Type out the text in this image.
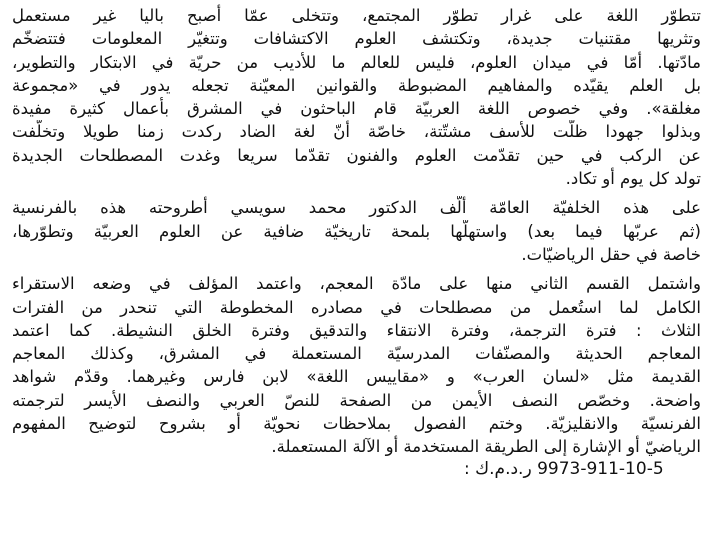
تتطوّر اللغة على غرار تطوّر المجتمع، وتتخلى عمّا أصبح باليا غير مستعمل
وتثريها مقتنيات جديدة، وتكتشف العلوم الاكتشافات وتتغيّر المعلومات فتتضخّم
مادّتها. أمّا في ميدان العلوم، فليس للعالم ما للأديب من حريّة في الابتكار والتطوير،
بل العلم يقيّده والمفاهيم المضبوطة والقوانين المعيّنة تجعله يدور في «مجموعة
مغلقة». وفي خصوص اللغة العربيّة قام الباحثون في المشرق بأعمال كثيرة مفيدة
وبذلوا جهودا ظلّت للأسف مشتّتة، خاصّة أنّ لغة الضاد ركدت زمنا طويلا وتخلّفت
عن الركب في حين تقدّمت العلوم والفنون تقدّما سريعا وغدت المصطلحات الجديدة
تولد كل يوم أو تكاد.
على هذه الخلفيّة العامّة ألّف الدكتور محمد سويسي أطروحته هذه بالفرنسية
(ثم عربّها فيما بعد) واستهلّها بلمحة تاريخيّة ضافية عن العلوم العربيّة وتطوّرها،
خاصة في حقل الرياضيّات.
واشتمل القسم الثاني منها على مادّة المعجم، واعتمد المؤلف في وضعه الاستقراء
الكامل لما استُعمل من مصطلحات في مصادره المخطوطة التي تنحدر من الفترات
الثلاث : فترة الترجمة، وفترة الانتقاء والتدقيق وفترة الخلق النشيطة. كما اعتمد
المعاجم الحديثة والمصنّفات المدرسيّة المستعملة في المشرق، وكذلك المعاجم
القديمة مثل «لسان العرب» و «مقاييس اللغة» لابن فارس وغيرهما. وقدّم شواهد
واضحة. وخصّص النصف الأيمن من الصفحة للنصّ العربي والنصف الأيسر لترجمته
الفرنسيّة والانقليزيّة. وختم الفصول بملاحظات نحويّة أو بشروح لتوضيح المفهوم
الرياضيّ أو الإشارة إلى الطريقة المستخدمة أو الآلة المستعملة.
ر.د.م.ك : 9973-911-10-5
